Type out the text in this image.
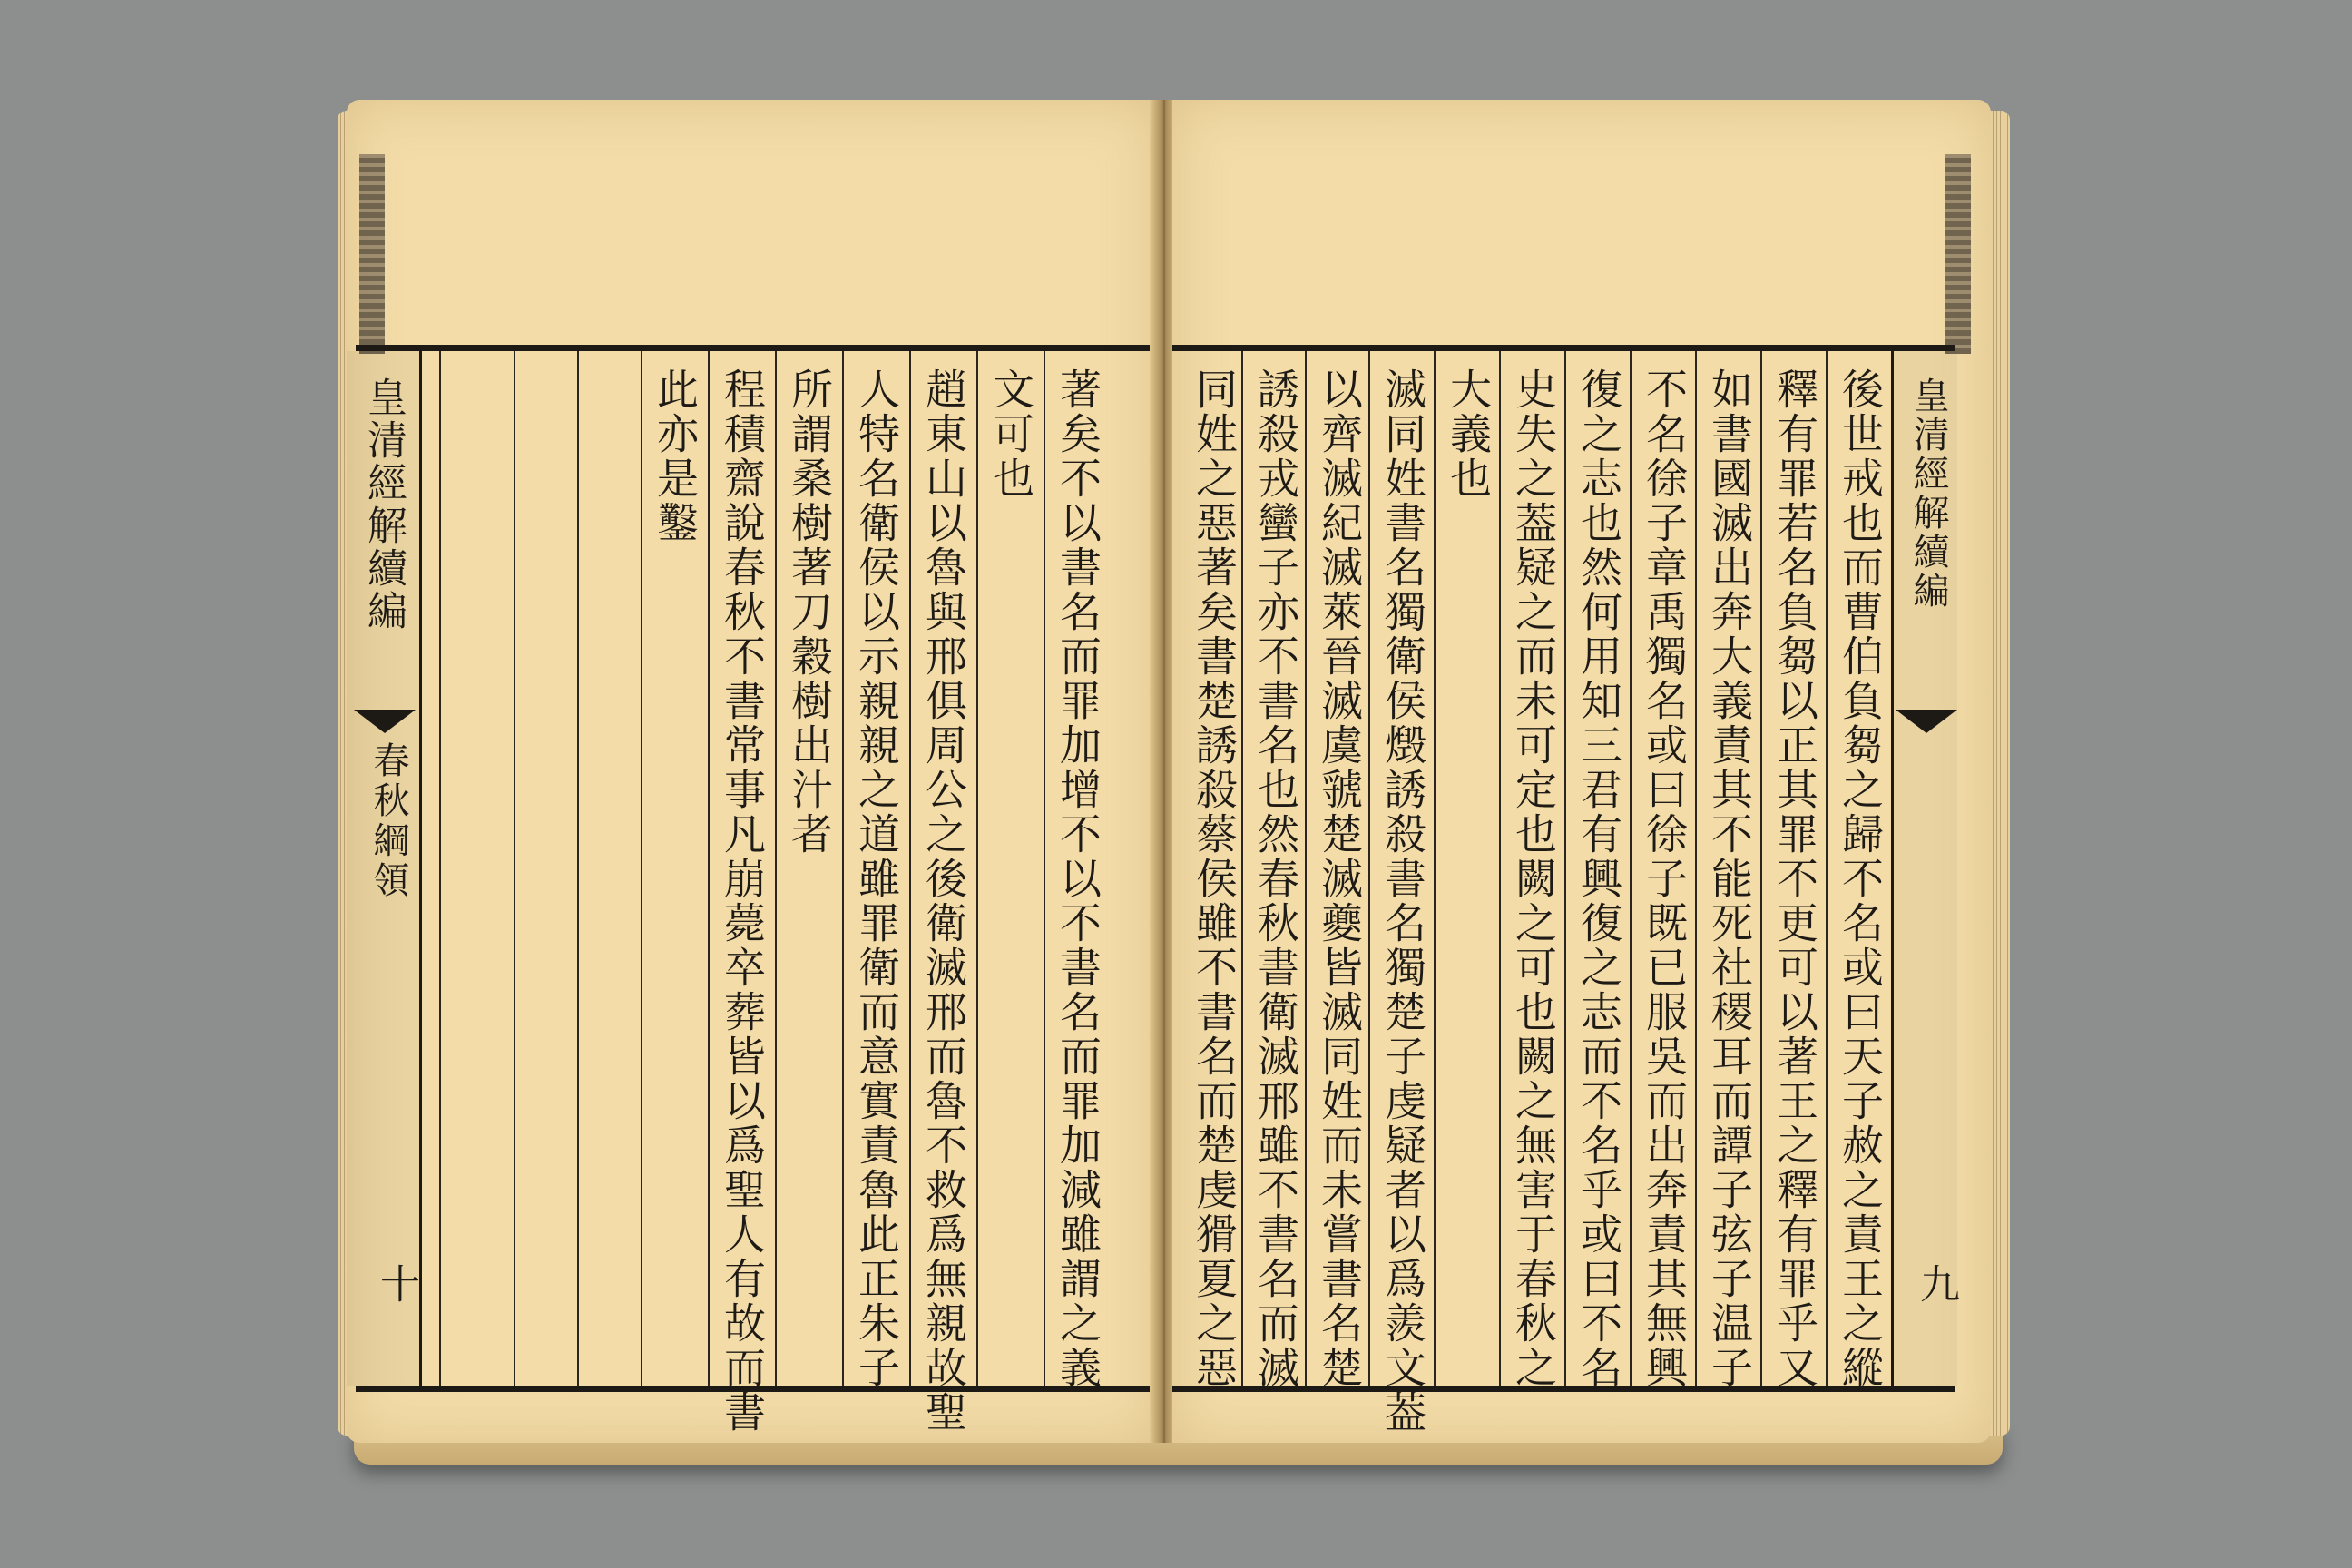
此亦是鑿 程積齋說春秋不書常事凡崩薨卒葬皆以爲聖人有故而書 所謂桑樹著刀穀樹出汁者 人特名衛侯以示親親之道雖罪衛而意實責魯此正朱子 趙東山以魯與邢俱周公之後衛滅邢而魯不救爲無親故聖 文可也 著矣不以書名而罪加增不以不書名而罪加減雖謂之義
皇清經解續編
春秋綱領
十	同姓之惡著矣書楚誘殺蔡侯雖不書名而楚虔猾夏之惡 誘殺戎蠻子亦不書名也然春秋書衛滅邢雖不書名而滅 以齊滅紀滅萊晉滅虞虢楚滅夔皆滅同姓而未嘗書名楚 滅同姓書名獨衛侯燬誘殺書名獨楚子虔疑者以爲羨文葢 大義也 史失之葢疑之而未可定也闕之可也闕之無害于春秋之 復之志也然何用知三君有興復之志而不名乎或曰不名 不名徐子章禹獨名或曰徐子既已服吳而出奔責其無興 如書國滅出奔大義責其不能死社稷耳而譚子弦子温子 釋有罪若名負芻以正其罪不更可以著王之釋有罪乎又 後世戒也而曹伯負芻之歸不名或曰天子赦之責王之縱 皇清經解續編
九
